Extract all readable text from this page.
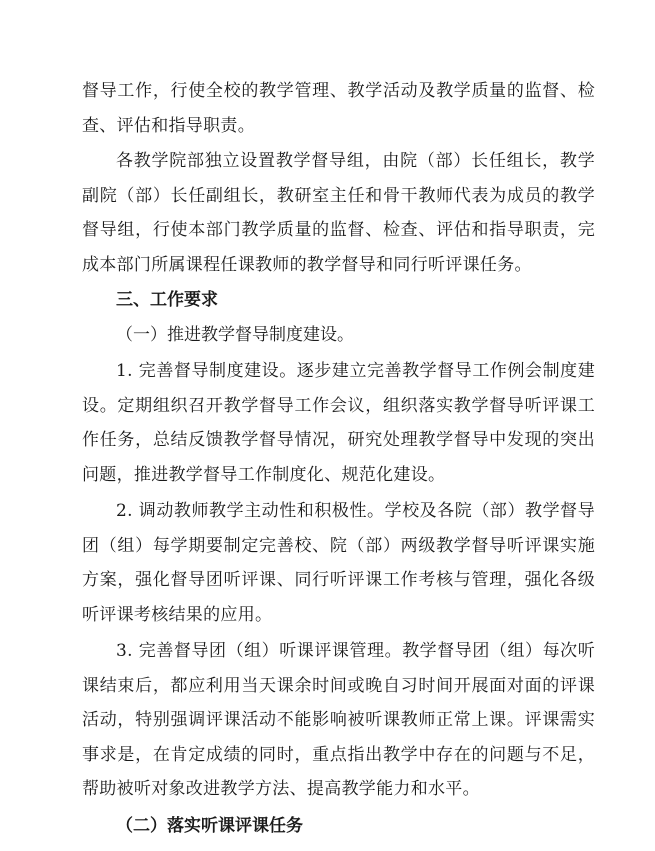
督导工作，行使全校的教学管理、教学活动及教学质量的监督、检查、评估和指导职责。

各教学院部独立设置教学督导组，由院（部）长任组长，教学副院（部）长任副组长，教研室主任和骨干教师代表为成员的教学督导组，行使本部门教学质量的监督、检查、评估和指导职责，完成本部门所属课程任课教师的教学督导和同行听评课任务。

三、工作要求

（一）推进教学督导制度建设。

1. 完善督导制度建设。逐步建立完善教学督导工作例会制度建设。定期组织召开教学督导工作会议，组织落实教学督导听评课工作任务，总结反馈教学督导情况，研究处理教学督导中发现的突出问题，推进教学督导工作制度化、规范化建设。

2. 调动教师教学主动性和积极性。学校及各院（部）教学督导团（组）每学期要制定完善校、院（部）两级教学督导听评课实施方案，强化督导团听评课、同行听评课工作考核与管理，强化各级听评课考核结果的应用。

3. 完善督导团（组）听课评课管理。教学督导团（组）每次听课结束后，都应利用当天课余时间或晚自习时间开展面对面的评课活动，特别强调评课活动不能影响被听课教师正常上课。评课需实事求是，在肯定成绩的同时，重点指出教学中存在的问题与不足，帮助被听对象改进教学方法、提高教学能力和水平。

（二）落实听课评课任务
